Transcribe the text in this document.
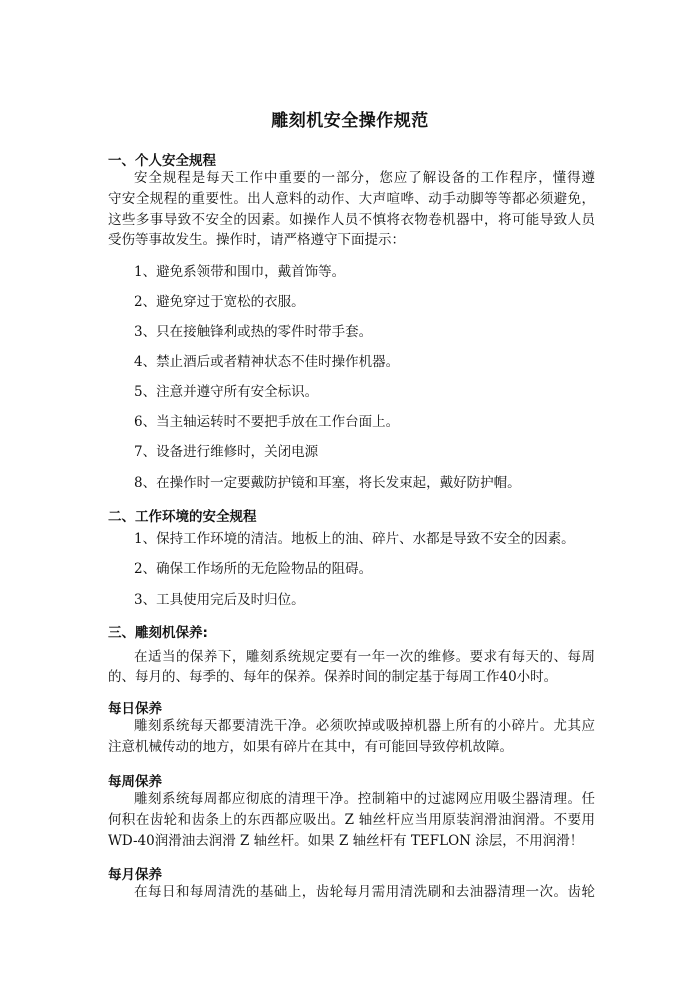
雕刻机安全操作规范
一、个人安全规程

安全规程是每天工作中重要的一部分，您应了解设备的工作程序，懂得遵

守安全规程的重要性。出人意料的动作、大声喧哗、动手动脚等等都必须避免，

这些多事导致不安全的因素。如操作人员不慎将衣物卷机器中，将可能导致人员

受伤等事故发生。操作时，请严格遵守下面提示：

1、避免系领带和围巾，戴首饰等。

2、避免穿过于宽松的衣服。

3、只在接触锋利或热的零件时带手套。

4、禁止酒后或者精神状态不佳时操作机器。

5、注意并遵守所有安全标识。

6、当主轴运转时不要把手放在工作台面上。

7、设备进行维修时，关闭电源

8、在操作时一定要戴防护镜和耳塞，将长发束起，戴好防护帽。

二、工作环境的安全规程

1、保持工作环境的清洁。地板上的油、碎片、水都是导致不安全的因素。

2、确保工作场所的无危险物品的阻碍。

3、工具使用完后及时归位。

三、雕刻机保养:

在适当的保养下，雕刻系统规定要有一年一次的维修。要求有每天的、每周

的、每月的、每季的、每年的保养。保养时间的制定基于每周工作40小时。

每日保养

雕刻系统每天都要清洗干净。必须吹掉或吸掉机器上所有的小碎片。尤其应

注意机械传动的地方，如果有碎片在其中，有可能回导致停机故障。

每周保养

雕刻系统每周都应彻底的清理干净。控制箱中的过滤网应用吸尘器清理。任

何积在齿轮和齿条上的东西都应吸出。Z 轴丝杆应当用原装润滑油润滑。不要用

WD-40润滑油去润滑 Z 轴丝杆。如果 Z 轴丝杆有 TEFLON 涂层，不用润滑！

每月保养

在每日和每周清洗的基础上，齿轮每月需用清洗刷和去油器清理一次。齿轮
